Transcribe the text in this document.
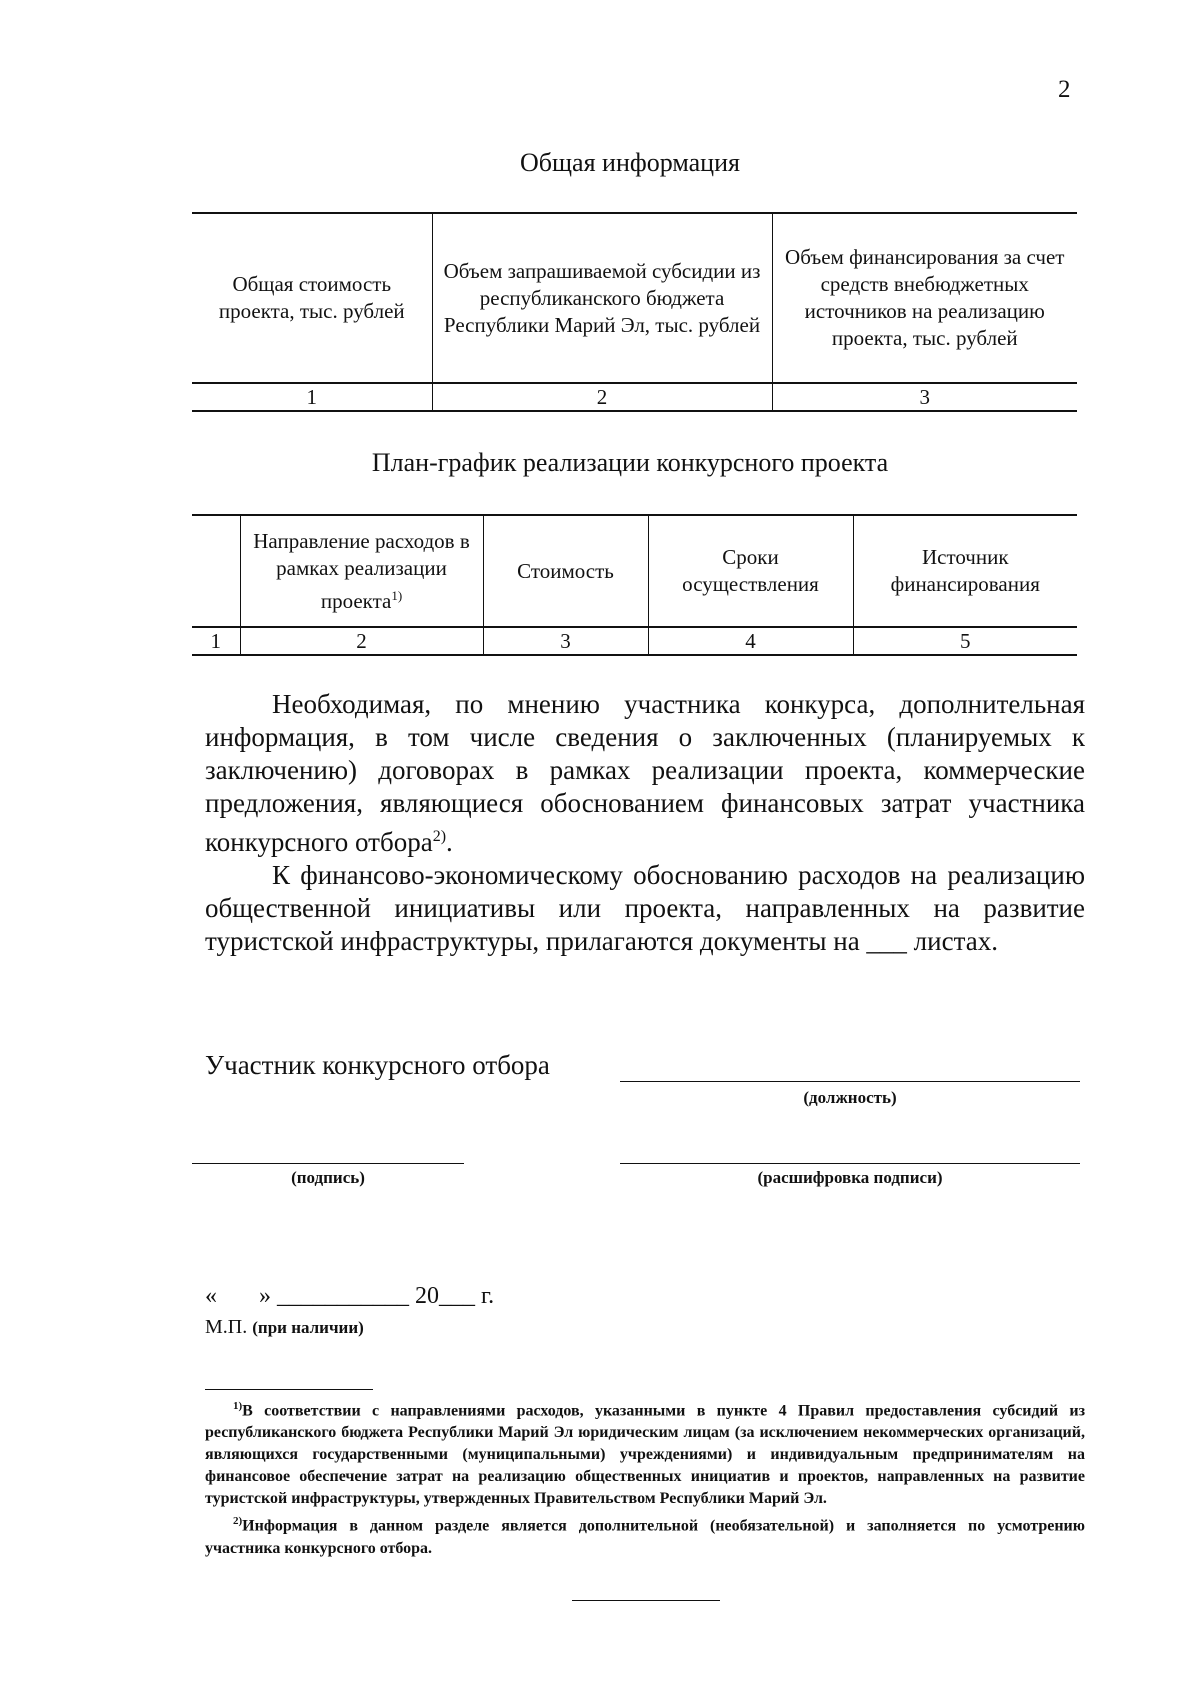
2
Общая информация
Общая стоимость проекта, тыс. рублей	Объем запрашиваемой субсидии из республиканского бюджета Республики Марий Эл, тыс. рублей	Объем финансирования за счет средств внебюджетных источников на реализацию проекта, тыс. рублей
1	2	3
План-график реализации конкурсного проекта
	Направление расходов в рамках реализации проекта$^{1)}$	Стоимость	Сроки осуществления	Источник финансирования
1	2	3	4	5

Необходимая, по мнению участника конкурса, дополнительная информация, в том числе сведения о заключенных (планируемых к заключению) договорах в рамках реализации проекта, коммерческие предложения, являющиеся обоснованием финансовых затрат участника конкурсного отбора$^{2)}$.

К финансово-экономическому обоснованию расходов на реализацию общественной инициативы или проекта, направленных на развитие туристской инфраструктуры, прилагаются документы на ___ листах.

Участник конкурсного отбора
(должность)
(подпись)	(расшифровка подписи)
«       » ___________ 20___ г.
М.П. (при наличии)

$^{1)}$В соответствии с направлениями расходов, указанными в пункте 4 Правил предоставления субсидий из республиканского бюджета Республики Марий Эл юридическим лицам (за исключением некоммерческих организаций, являющихся государственными (муниципальными) учреждениями) и индивидуальным предпринимателям на финансовое обеспечение затрат на реализацию общественных инициатив и проектов, направленных на развитие туристской инфраструктуры, утвержденных Правительством Республики Марий Эл.

$^{2)}$Информация в данном разделе является дополнительной (необязательной) и заполняется по усмотрению участника конкурсного отбора.
